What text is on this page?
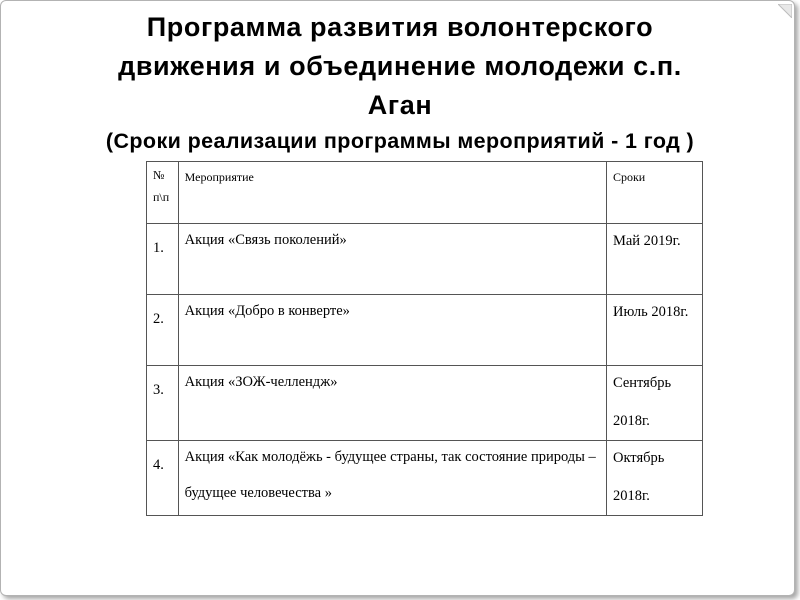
Программа развития волонтерского
движения и объединение молодежи с.п.
Аган
(Сроки реализации программы мероприятий - 1 год )
№ п\п	Мероприятие	Сроки
1.	Акция «Связь поколений»	Май 2019г.

2.	Акция «Добро в конверте»	Июль 2018г.

3.	Акция «ЗОЖ-челлендж»	Сентябрь 2018г.

4.	Акция «Как молодёжь - будущее страны, так состояние природы – будущее человечества »	Октябрь 2018г.
